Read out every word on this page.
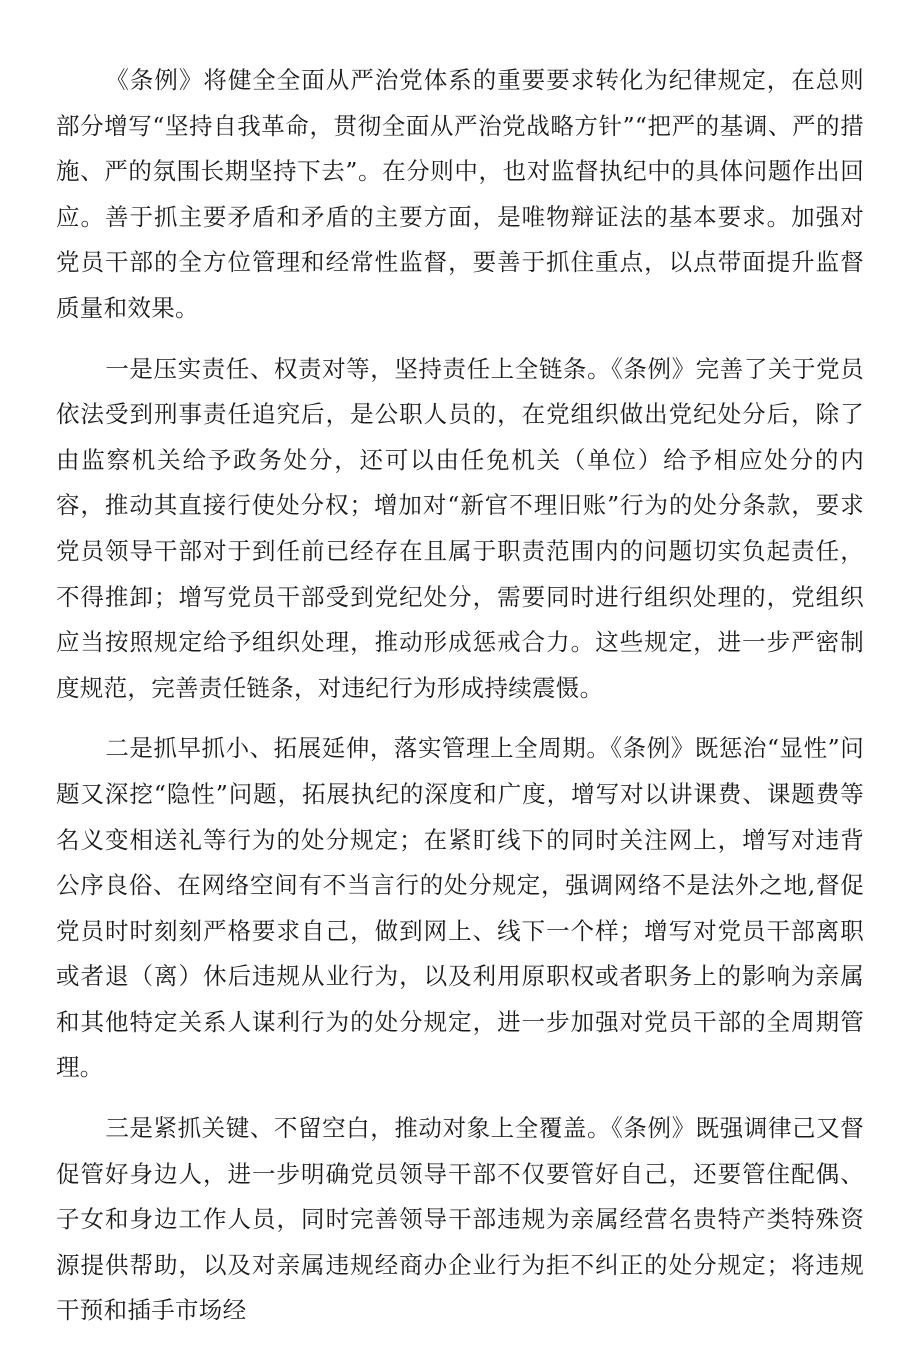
《条例》将健全全面从严治党体系的重要要求转化为纪律规定，在总则部分增写“坚持自我革命，贯彻全面从严治党战略方针”“把严的基调、严的措施、严的氛围长期坚持下去”。在分则中，也对监督执纪中的具体问题作出回应。善于抓主要矛盾和矛盾的主要方面，是唯物辩证法的基本要求。加强对党员干部的全方位管理和经常性监督，要善于抓住重点，以点带面提升监督质量和效果。

一是压实责任、权责对等，坚持责任上全链条。《条例》完善了关于党员依法受到刑事责任追究后，是公职人员的，在党组织做出党纪处分后，除了由监察机关给予政务处分，还可以由任免机关（单位）给予相应处分的内容，推动其直接行使处分权；增加对“新官不理旧账”行为的处分条款，要求党员领导干部对于到任前已经存在且属于职责范围内的问题切实负起责任，不得推卸；增写党员干部受到党纪处分，需要同时进行组织处理的，党组织应当按照规定给予组织处理，推动形成惩戒合力。这些规定，进一步严密制度规范，完善责任链条，对违纪行为形成持续震慑。

二是抓早抓小、拓展延伸，落实管理上全周期。《条例》既惩治“显性”问题又深挖“隐性”问题，拓展执纪的深度和广度，增写对以讲课费、课题费等名义变相送礼等行为的处分规定；在紧盯线下的同时关注网上，增写对违背公序良俗、在网络空间有不当言行的处分规定，强调网络不是法外之地,督促党员时时刻刻严格要求自己，做到网上、线下一个样；增写对党员干部离职或者退（离）休后违规从业行为，以及利用原职权或者职务上的影响为亲属和其他特定关系人谋利行为的处分规定，进一步加强对党员干部的全周期管理。

三是紧抓关键、不留空白，推动对象上全覆盖。《条例》既强调律己又督促管好身边人，进一步明确党员领导干部不仅要管好自己，还要管住配偶、子女和身边工作人员，同时完善领导干部违规为亲属经营名贵特产类特殊资源提供帮助，以及对亲属违规经商办企业行为拒不纠正的处分规定；将违规干预和插手市场经
